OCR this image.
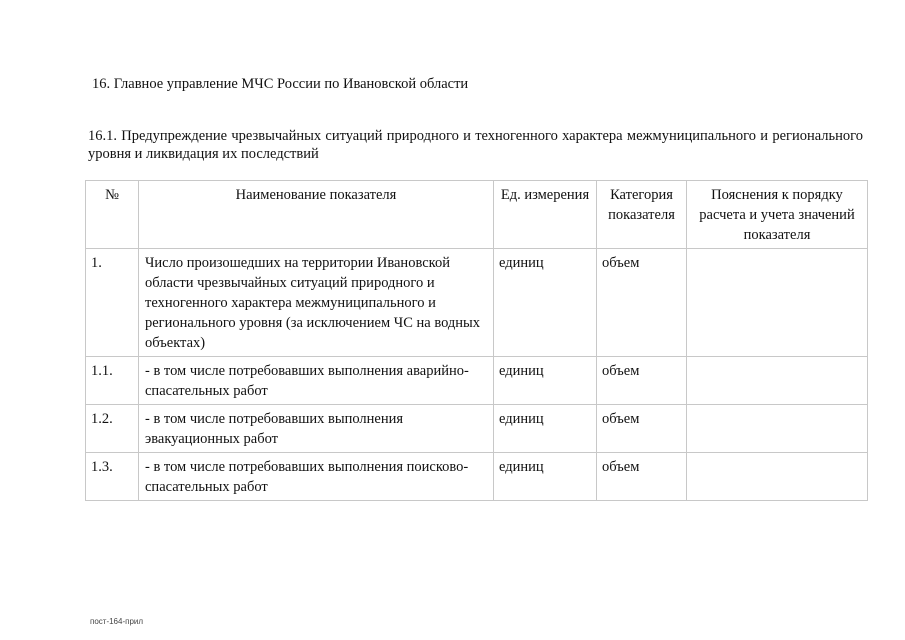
16. Главное управление МЧС России по Ивановской области
16.1. Предупреждение чрезвычайных ситуаций природного и техногенного характера межмуниципального и регионального уровня и ликвидация их последствий
№	Наименование показателя	Ед. измерения	Категория показателя	Пояснения к порядку расчета и учета значений показателя
1.	Число произошедших на территории Ивановской области чрезвычайных ситуаций природного и техногенного характера межмуниципального и регионального уровня (за исключением ЧС на водных объектах)	единиц	объем	
1.1.	- в том числе потребовавших выполнения аварийно-спасательных работ	единиц	объем	
1.2.	- в том числе потребовавших выполнения эвакуационных работ	единиц	объем	
1.3.	- в том числе потребовавших выполнения поисково-спасательных работ	единиц	объем	
пост-164-прил
